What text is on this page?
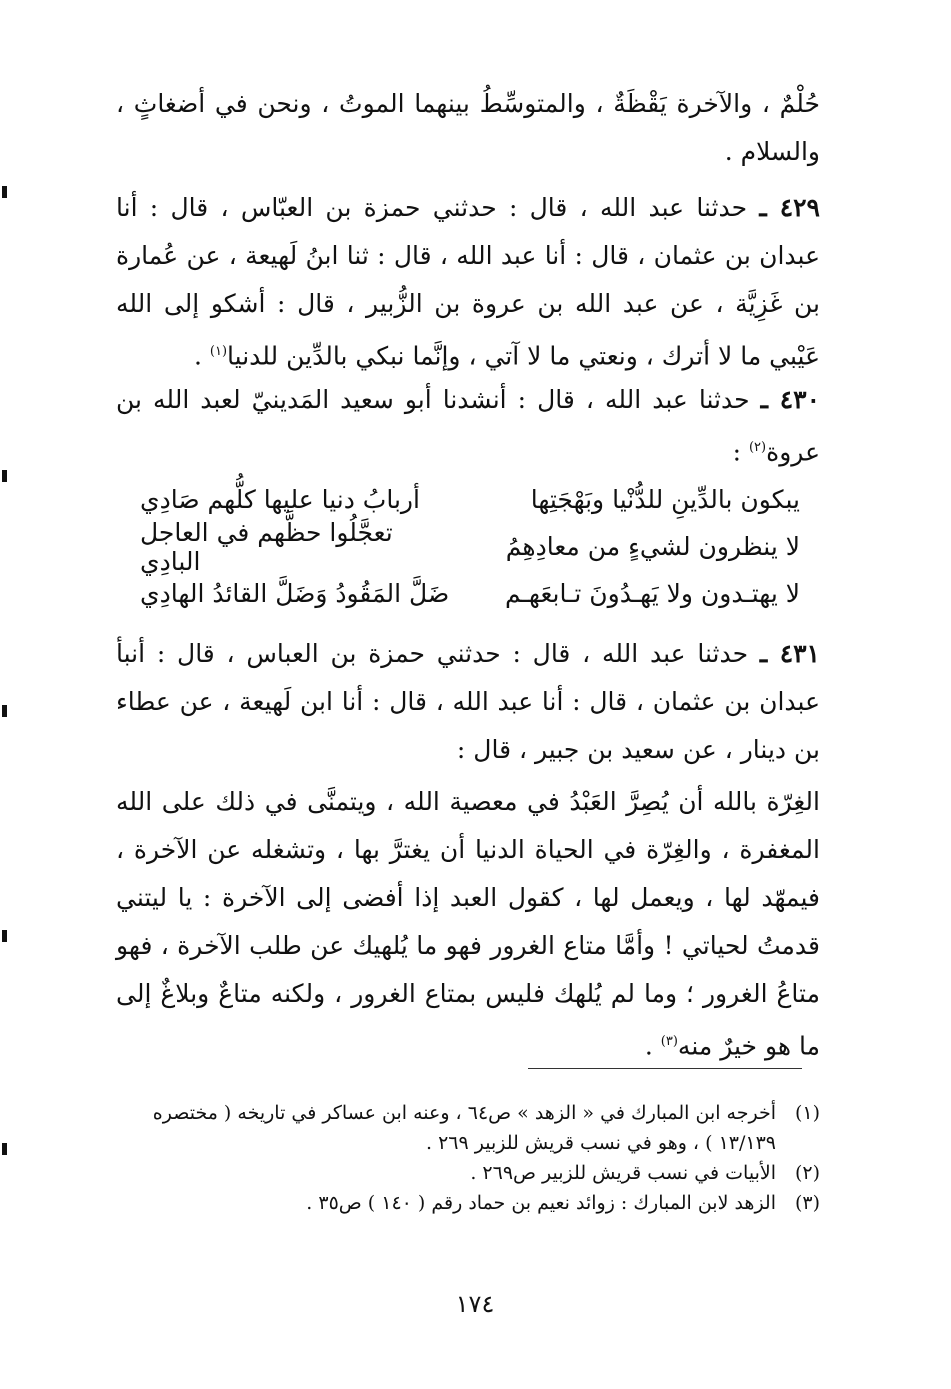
حُلْمٌ ، والآخرة يَقْظَةٌ ، والمتوسِّطُ بينهما الموتُ ، ونحن في أضغاثٍ ، والسلام .

٤٢٩ ـ حدثنا عبد الله ، قال : حدثني حمزة بن العبّاس ، قال : أنا عبدان بن عثمان ، قال : أنا عبد الله ، قال : ثنا ابنُ لَهيعة ، عن عُمارة بن غَزِيَّة ، عن عبد الله بن عروة بن الزُّبير ، قال : أشكو إلى الله عَيْبي ما لا أترك ، ونعتي ما لا آتي ، وإنَّما نبكي بالدِّين للدنيا$^{(١)}$ .

٤٣٠ ـ حدثنا عبد الله ، قال : أنشدنا أبو سعيد المَدينيّ لعبد الله بن عروة$^{(٢)}$ :

يبكون بالدِّينِ للدُّنْيا وبَهْجَتِها
أربابُ دنيا عليها كلُّهم صَادِي
لا ينظرون لشيءٍ من معادِهِمُ
تعجَّلُوا حظَّهم في العاجل البادِي
لا يهتـدون ولا يَهـدُونَ تـابعَهـم
ضَلَّ المَقُودُ وَضَلَّ القائدُ الهادِي

٤٣١ ـ حدثنا عبد الله ، قال : حدثني حمزة بن العباس ، قال : أنبأ عبدان بن عثمان ، قال : أنا عبد الله ، قال : أنا ابن لَهيعة ، عن عطاء بن دينار ، عن سعيد بن جبير ، قال :

الغِرّة بالله أن يُصِرَّ العَبْدُ في معصية الله ، ويتمنَّى في ذلك على الله المغفرة ، والغِرّة في الحياة الدنيا أن يغترَّ بها ، وتشغله عن الآخرة ، فيمهّد لها ، ويعمل لها ، كقول العبد إذا أفضى إلى الآخرة : يا ليتني قدمتُ لحياتي ! وأمَّا متاع الغرور فهو ما يُلهيك عن طلب الآخرة ، فهو متاعُ الغرور ؛ وما لم يُلهك فليس بمتاع الغرور ، ولكنه متاعٌ وبلاغٌ إلى ما هو خيرٌ منه$^{(٣)}$ .

(١)
أخرجه ابن المبارك في « الزهد » ص٦٤ ، وعنه ابن عساكر في تاريخه ( مختصره ١٣/١٣٩ ) ، وهو في نسب قريش للزبير ٢٦٩ .
(٢)
الأبيات في نسب قريش للزبير ص٢٦٩ .
(٣)
الزهد لابن المبارك : زوائد نعيم بن حماد رقم ( ١٤٠ ) ص٣٥ .
١٧٤
